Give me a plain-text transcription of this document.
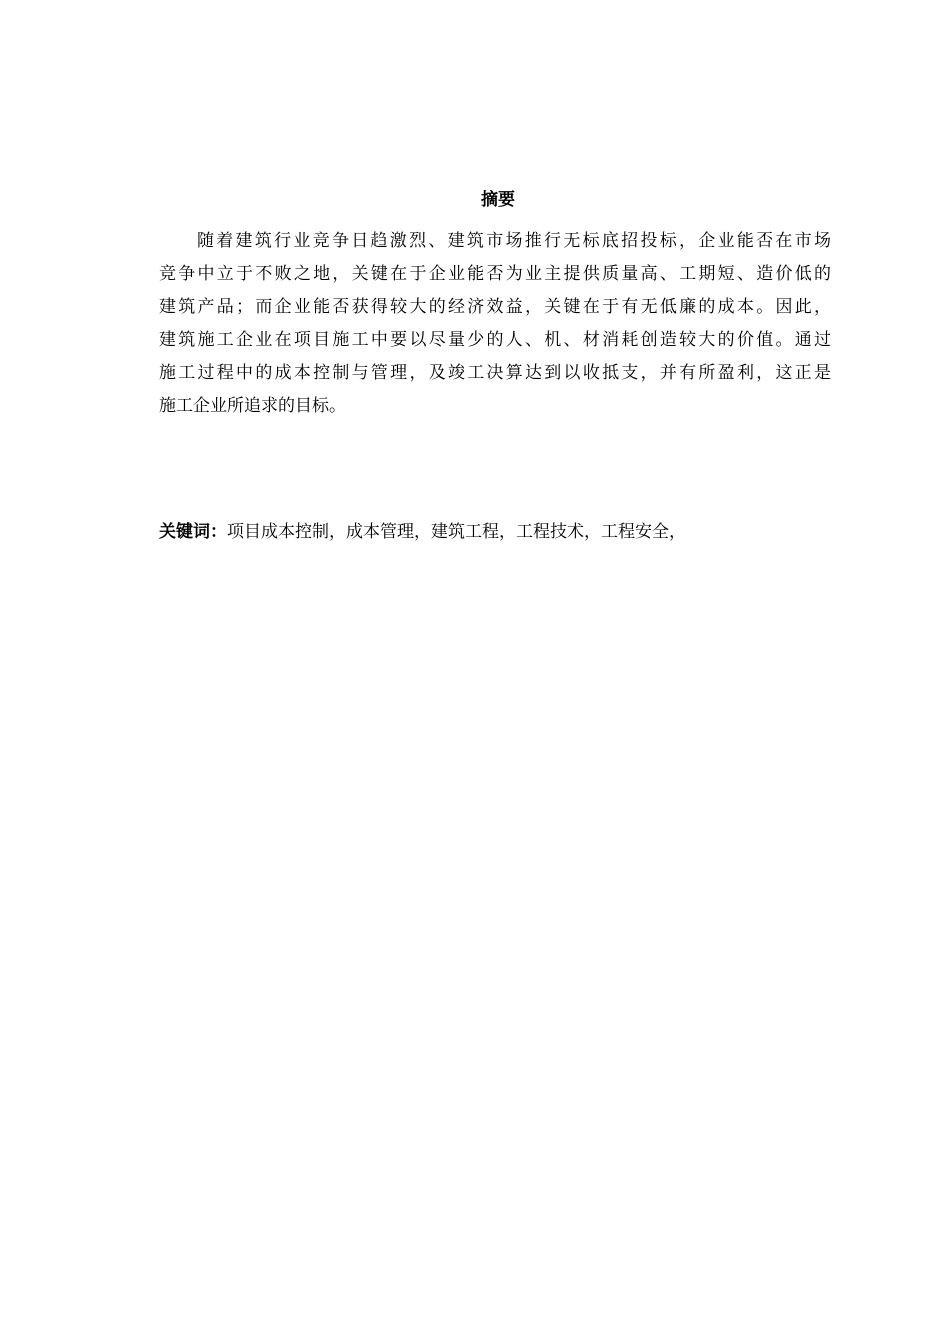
摘要
随着建筑行业竞争日趋激烈、建筑市场推行无标底招投标，企业能否在市场
竞争中立于不败之地，关键在于企业能否为业主提供质量高、工期短、造价低的
建筑产品；而企业能否获得较大的经济效益，关键在于有无低廉的成本。因此，
建筑施工企业在项目施工中要以尽量少的人、机、材消耗创造较大的价值。通过
施工过程中的成本控制与管理，及竣工决算达到以收抵支，并有所盈利，这正是
施工企业所追求的目标。
关键词：项目成本控制，成本管理，建筑工程，工程技术，工程安全，
